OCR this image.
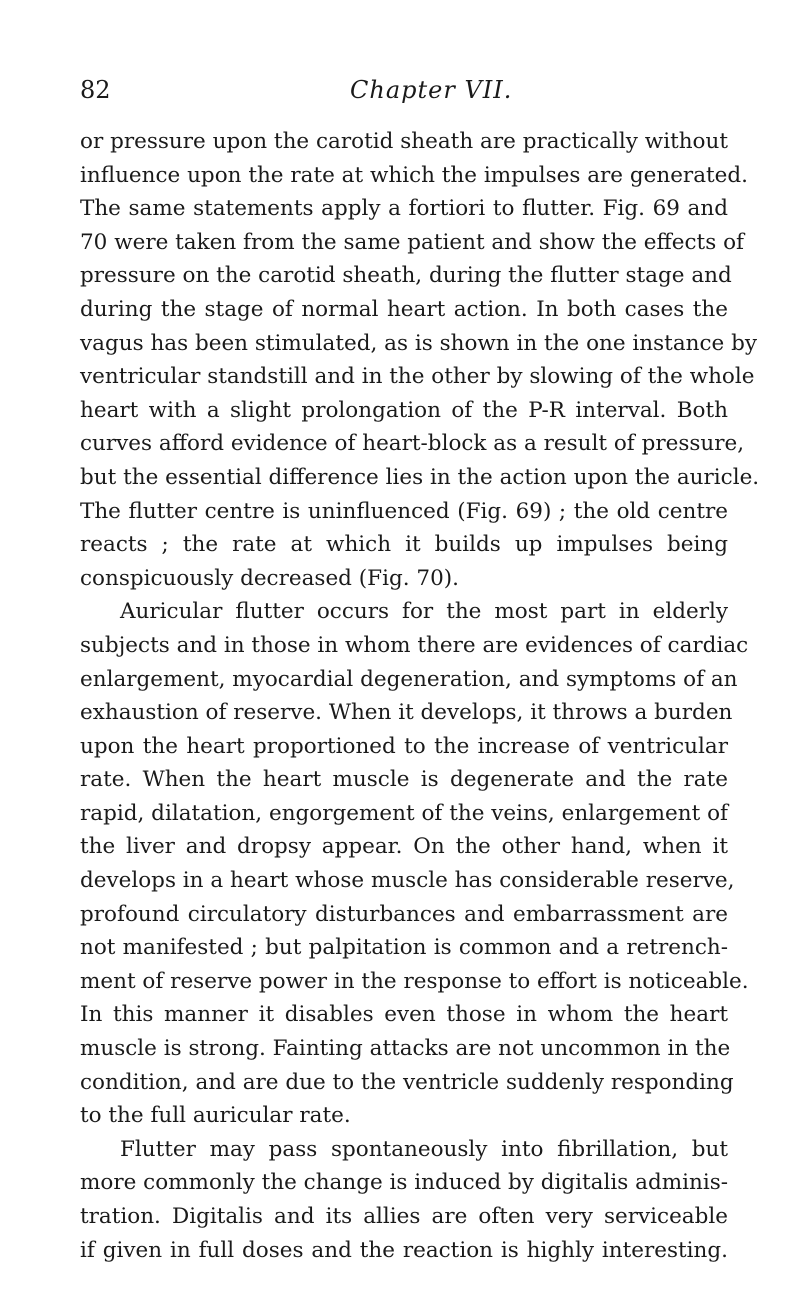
82	Chapter VII.
or pressure upon the carotid sheath are practically without
influence upon the rate at which the impulses are generated.
The same statements apply a fortiori to flutter. Fig. 69 and
70 were taken from the same patient and show the effects of
pressure on the carotid sheath, during the flutter stage and
during the stage of normal heart action. In both cases the
vagus has been stimulated, as is shown in the one instance by
ventricular standstill and in the other by slowing of the whole
heart with a slight prolongation of the P-R interval. Both
curves afford evidence of heart-block as a result of pressure,
but the essential difference lies in the action upon the auricle.
The flutter centre is uninfluenced (Fig. 69) ; the old centre
reacts ; the rate at which it builds up impulses being
conspicuously decreased (Fig. 70).
Auricular flutter occurs for the most part in elderly
subjects and in those in whom there are evidences of cardiac
enlargement, myocardial degeneration, and symptoms of an
exhaustion of reserve. When it develops, it throws a burden
upon the heart proportioned to the increase of ventricular
rate. When the heart muscle is degenerate and the rate
rapid, dilatation, engorgement of the veins, enlargement of
the liver and dropsy appear. On the other hand, when it
develops in a heart whose muscle has considerable reserve,
profound circulatory disturbances and embarrassment are
not manifested ; but palpitation is common and a retrench-
ment of reserve power in the response to effort is noticeable.
In this manner it disables even those in whom the heart
muscle is strong. Fainting attacks are not uncommon in the
condition, and are due to the ventricle suddenly responding
to the full auricular rate.
Flutter may pass spontaneously into fibrillation, but
more commonly the change is induced by digitalis adminis-
tration. Digitalis and its allies are often very serviceable
if given in full doses and the reaction is highly interesting.
